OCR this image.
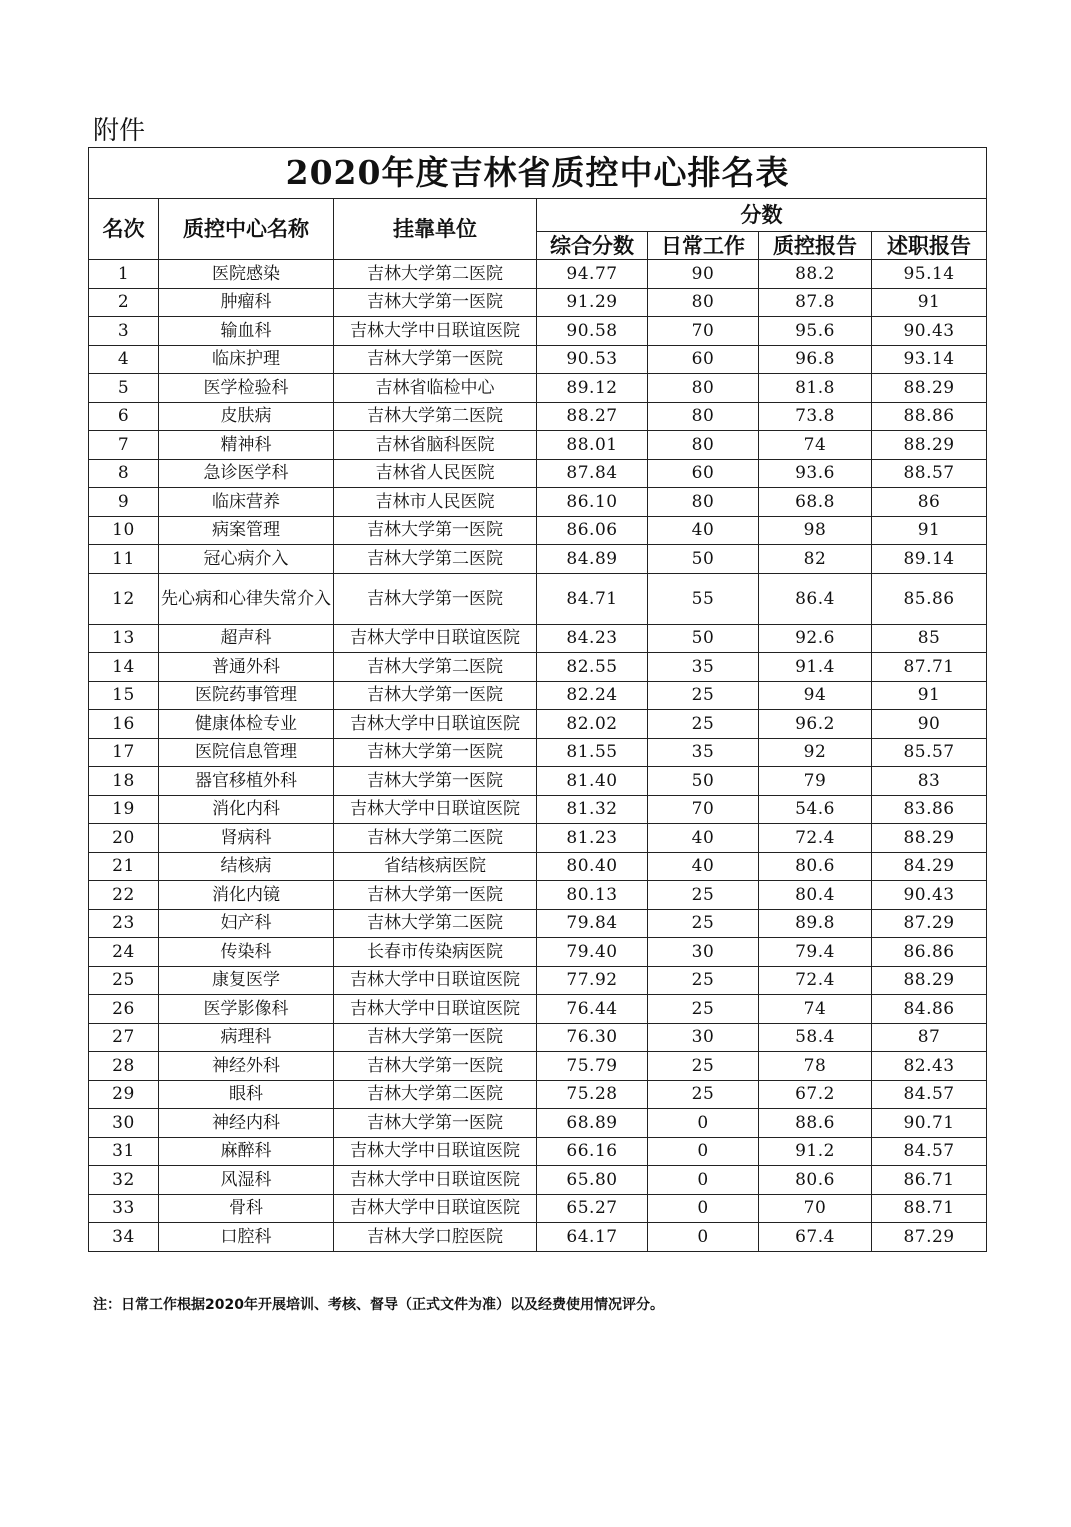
附件
2020年度吉林省质控中心排名表						
名次	质控中心名称	挂靠单位	分数			
			综合分数	日常工作	质控报告	述职报告
1	医院感染	吉林大学第二医院	94.77	90	88.2	95.14
2	肿瘤科	吉林大学第一医院	91.29	80	87.8	91
3	输血科	吉林大学中日联谊医院	90.58	70	95.6	90.43
4	临床护理	吉林大学第一医院	90.53	60	96.8	93.14
5	医学检验科	吉林省临检中心	89.12	80	81.8	88.29
6	皮肤病	吉林大学第二医院	88.27	80	73.8	88.86
7	精神科	吉林省脑科医院	88.01	80	74	88.29
8	急诊医学科	吉林省人民医院	87.84	60	93.6	88.57
9	临床营养	吉林市人民医院	86.10	80	68.8	86
10	病案管理	吉林大学第一医院	86.06	40	98	91
11	冠心病介入	吉林大学第二医院	84.89	50	82	89.14
12	先心病和心律失常介入	吉林大学第一医院	84.71	55	86.4	85.86
13	超声科	吉林大学中日联谊医院	84.23	50	92.6	85
14	普通外科	吉林大学第二医院	82.55	35	91.4	87.71
15	医院药事管理	吉林大学第一医院	82.24	25	94	91
16	健康体检专业	吉林大学中日联谊医院	82.02	25	96.2	90
17	医院信息管理	吉林大学第一医院	81.55	35	92	85.57
18	器官移植外科	吉林大学第一医院	81.40	50	79	83
19	消化内科	吉林大学中日联谊医院	81.32	70	54.6	83.86
20	肾病科	吉林大学第二医院	81.23	40	72.4	88.29
21	结核病	省结核病医院	80.40	40	80.6	84.29
22	消化内镜	吉林大学第一医院	80.13	25	80.4	90.43
23	妇产科	吉林大学第二医院	79.84	25	89.8	87.29
24	传染科	长春市传染病医院	79.40	30	79.4	86.86
25	康复医学	吉林大学中日联谊医院	77.92	25	72.4	88.29
26	医学影像科	吉林大学中日联谊医院	76.44	25	74	84.86
27	病理科	吉林大学第一医院	76.30	30	58.4	87
28	神经外科	吉林大学第一医院	75.79	25	78	82.43
29	眼科	吉林大学第二医院	75.28	25	67.2	84.57
30	神经内科	吉林大学第一医院	68.89	0	88.6	90.71
31	麻醉科	吉林大学中日联谊医院	66.16	0	91.2	84.57
32	风湿科	吉林大学中日联谊医院	65.80	0	80.6	86.71
33	骨科	吉林大学中日联谊医院	65.27	0	70	88.71
34	口腔科	吉林大学口腔医院	64.17	0	67.4	87.29
注：日常工作根据2020年开展培训、考核、督导（正式文件为准）以及经费使用情况评分。
